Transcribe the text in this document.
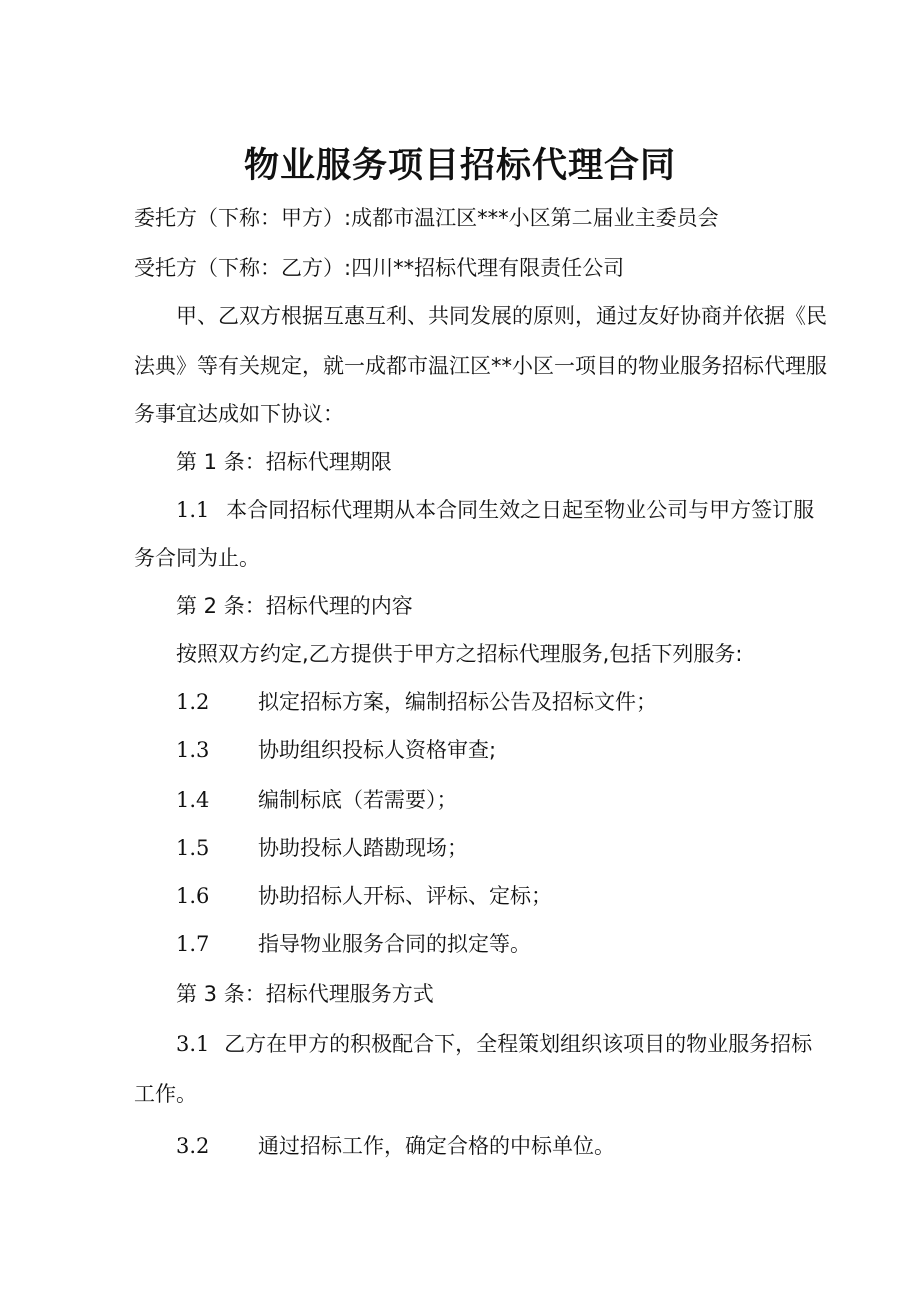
物业服务项目招标代理合同
委托方（下称：甲方）:成都市温江区***小区第二届业主委员会
受托方（下称：乙方）:四川**招标代理有限责任公司
甲、乙双方根据互惠互利、共同发展的原则，通过友好协商并依据《民
法典》等有关规定，就一成都市温江区**小区一项目的物业服务招标代理服
务事宜达成如下协议：
第 1 条：招标代理期限
1.1 本合同招标代理期从本合同生效之日起至物业公司与甲方签订服
务合同为止。
第 2 条：招标代理的内容
按照双方约定,乙方提供于甲方之招标代理服务,包括下列服务:
1.2 拟定招标方案，编制招标公告及招标文件；
1.3 协助组织投标人资格审查;
1.4 编制标底（若需要）；
1.5 协助投标人踏勘现场；
1.6 协助招标人开标、评标、定标；
1.7 指导物业服务合同的拟定等。
第 3 条：招标代理服务方式
3.1 乙方在甲方的积极配合下，全程策划组织该项目的物业服务招标
工作。
3.2 通过招标工作，确定合格的中标单位。
